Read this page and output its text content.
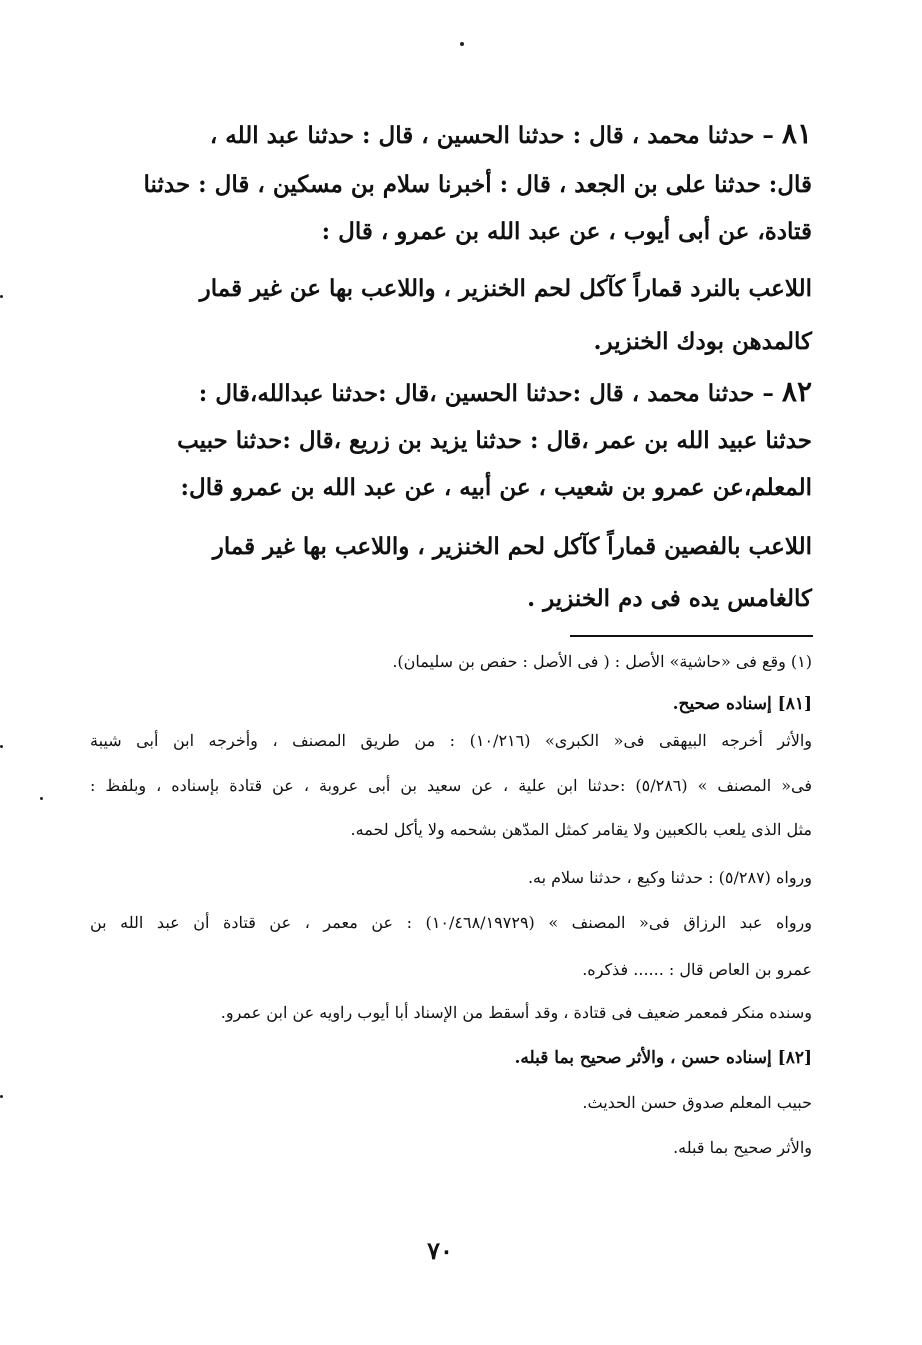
٨١ – حدثنا محمد ، قال : حدثنا الحسين ، قال : حدثنا عبد الله ،

قال: حدثنا على بن الجعد ، قال : أخبرنا سلام بن مسكين ، قال : حدثنا

قتادة، عن أبى أيوب ، عن عبد الله بن عمرو ، قال :

اللاعب بالنرد قماراً كآكل لحم الخنزير ، واللاعب بها عن غير قمار

كالمدهن بودك الخنزير.

٨٢ – حدثنا محمد ، قال :حدثنا الحسين ،قال :حدثنا عبدالله،قال :

حدثنا عبيد الله بن عمر ،قال : حدثنا يزيد بن زريع ،قال :حدثنا حبيب

المعلم،عن عمرو بن شعيب ، عن أبيه ، عن عبد الله بن عمرو قال:

اللاعب بالفصين قماراً كآكل لحم الخنزير ، واللاعب بها غير قمار

كالغامس يده فى دم الخنزير .

(١) وقع فى «حاشية» الأصل : ( فى الأصل : حفص بن سليمان).

[٨١] إسناده صحيح.

والأثر أخرجه البيهقى فى« الكبرى» (١٠/٢١٦) : من طريق المصنف ، وأخرجه ابن أبى شيبة

فى« المصنف » (٥/٢٨٦) :حدثنا ابن علية ، عن سعيد بن أبى عروبة ، عن قتادة بإسناده ، وبلفظ :

مثل الذى يلعب بالكعبين ولا يقامر كمثل المدّهن بشحمه ولا يأكل لحمه.

ورواه (٥/٢٨٧) : حدثنا وكيع ، حدثنا سلام به.

ورواه عبد الرزاق فى« المصنف » (١٠/٤٦٨/١٩٧٢٩) : عن معمر ، عن قتادة أن عبد الله بن

عمرو بن العاص قال : ...... فذكره.

وسنده منكر فمعمر ضعيف فى قتادة ، وقد أسقط من الإسناد أبا أيوب راويه عن ابن عمرو.

[٨٢] إسناده حسن ، والأثر صحيح بما قبله.

حبيب المعلم صدوق حسن الحديث.

والأثر صحيح بما قبله.

٧٠
